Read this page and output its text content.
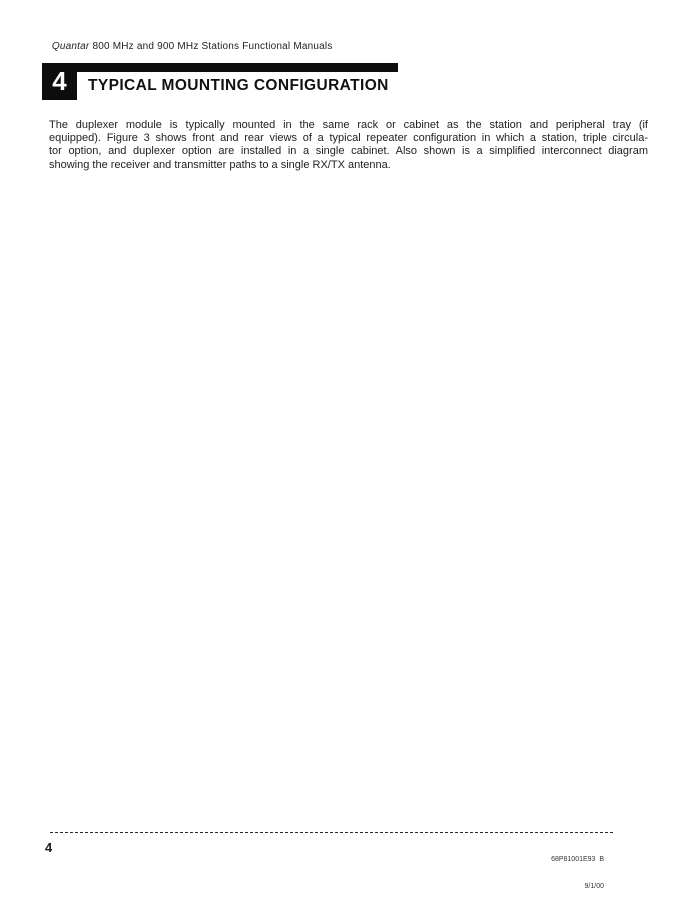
Quantar 800 MHz and 900 MHz Stations Functional Manuals

4 TYPICAL MOUNTING CONFIGURATION
The duplexer module is typically mounted in the same rack or cabinet as the station and peripheral tray (if
equipped). Figure 3 shows front and rear views of a typical repeater configuration in which a station, triple circula-
tor option, and duplexer option are installed in a single cabinet. Also shown is a simplified interconnect diagram
showing the receiver and transmitter paths to a single RX/TX antenna.
4

68P81001E93  B

9/1/00
